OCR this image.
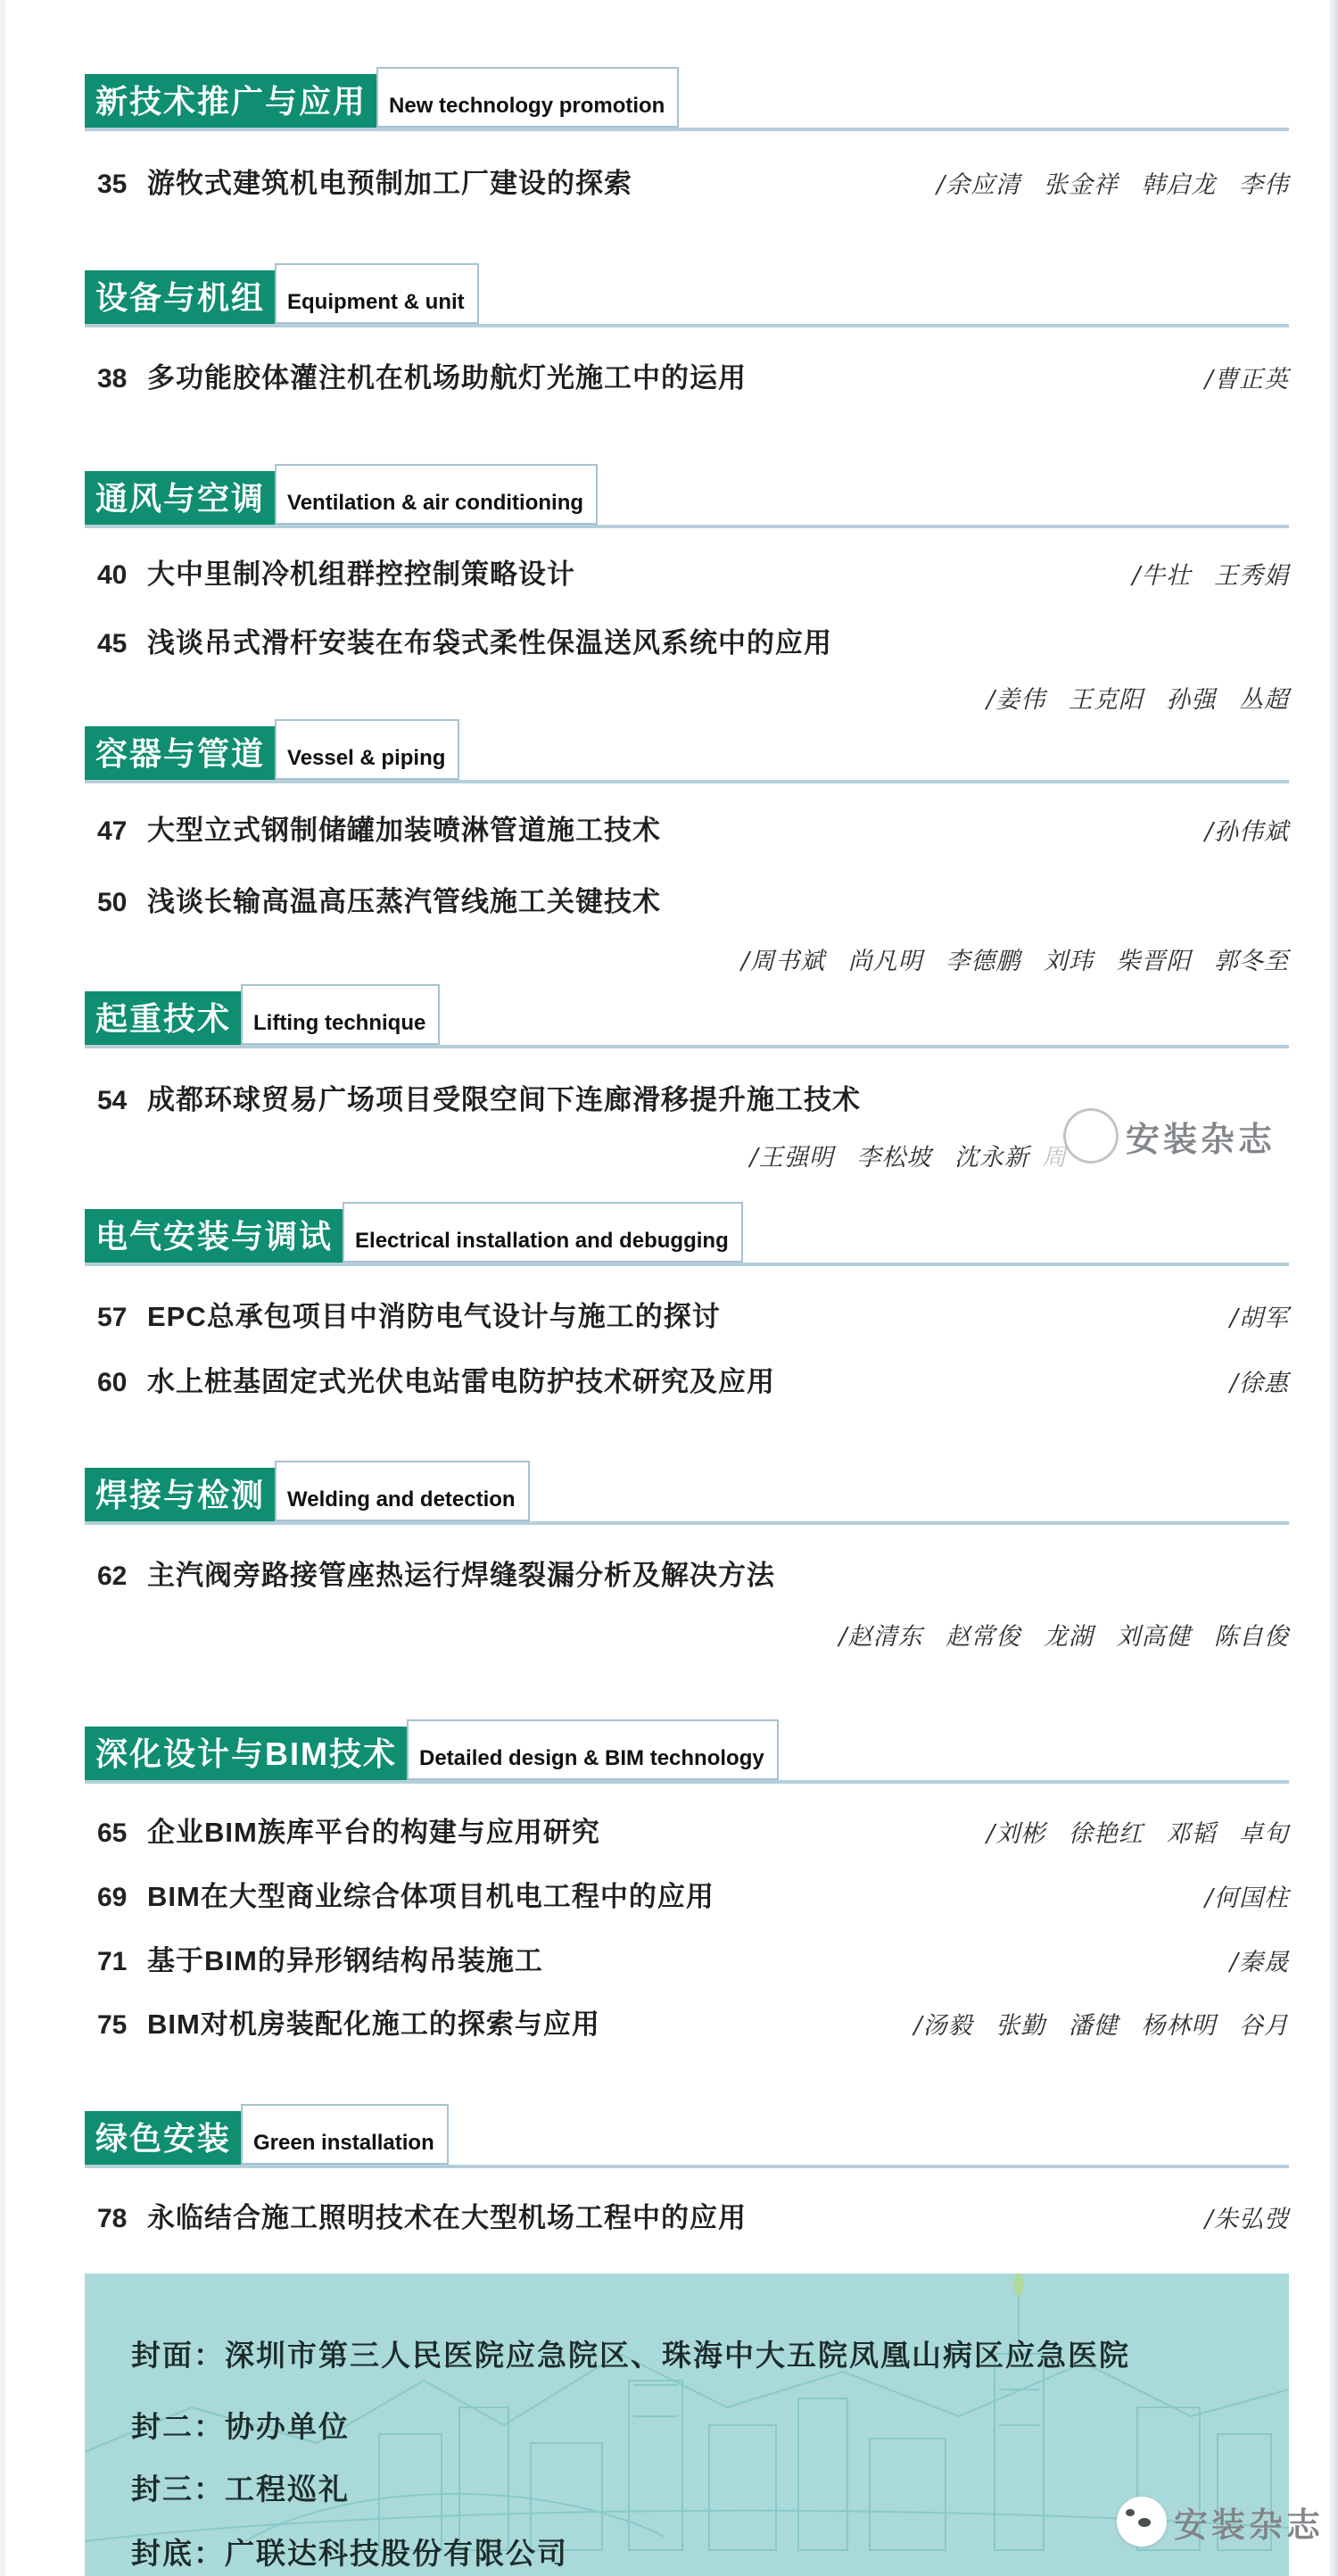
新技术推广与应用	New technology promotion
35 游牧式建筑机电预制加工厂建设的探索	/余应清 张金祥 韩启龙 李伟
设备与机组	Equipment & unit
38 多功能胶体灌注机在机场助航灯光施工中的运用	/曹正英
通风与空调	Ventilation & air conditioning
40 大中里制冷机组群控控制策略设计	/牛壮 王秀娟
45 浅谈吊式滑杆安装在布袋式柔性保温送风系统中的应用
/姜伟 王克阳 孙强 丛超
容器与管道	Vessel & piping
47 大型立式钢制储罐加装喷淋管道施工技术	/孙伟斌
50 浅谈长输高温高压蒸汽管线施工关键技术
/周书斌 尚凡明 李德鹏 刘玮 柴晋阳 郭冬至
起重技术	Lifting technique
54 成都环球贸易广场项目受限空间下连廊滑移提升施工技术
/王强明 李松坡 沈永新 周 安装杂志
电气安装与调试	Electrical installation and debugging
57 EPC总承包项目中消防电气设计与施工的探讨	/胡军
60 水上桩基固定式光伏电站雷电防护技术研究及应用	/徐惠
焊接与检测	Welding and detection
62 主汽阀旁路接管座热运行焊缝裂漏分析及解决方法
/赵清东 赵常俊 龙湖 刘高健 陈自俊
深化设计与BIM技术	Detailed design & BIM technology
65 企业BIM族库平台的构建与应用研究	/刘彬 徐艳红 邓韬 卓旬
69 BIM在大型商业综合体项目机电工程中的应用	/何国柱
71 基于BIM的异形钢结构吊装施工	/秦晟
75 BIM对机房装配化施工的探索与应用	/汤毅 张勤 潘健 杨林明 谷月
绿色安装	Green installation
78 永临结合施工照明技术在大型机场工程中的应用	/朱弘弢
封面：深圳市第三人民医院应急院区、珠海中大五院凤凰山病区应急医院
封二：协办单位
封三：工程巡礼
封底：广联达科技股份有限公司
安装杂志
